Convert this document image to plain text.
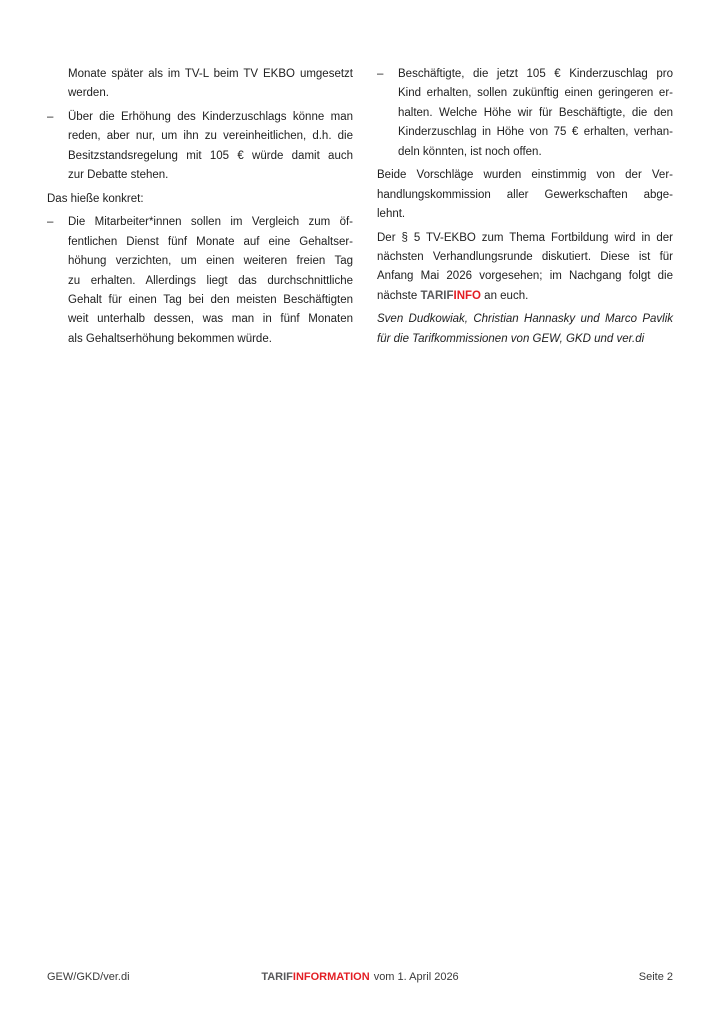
Monate später als im TV-L beim TV EKBO umgesetzt
werden.
– Über die Erhöhung des Kinderzuschlags könne man
reden, aber nur, um ihn zu vereinheitlichen, d.h. die
Besitzstandsregelung mit 105 € würde damit auch
zur Debatte stehen.
Das hieße konkret:
– Die Mitarbeiter*innen sollen im Vergleich zum öf-
fentlichen Dienst fünf Monate auf eine Gehaltser-
höhung verzichten, um einen weiteren freien Tag
zu erhalten. Allerdings liegt das durchschnittliche
Gehalt für einen Tag bei den meisten Beschäftigten
weit unterhalb dessen, was man in fünf Monaten
als Gehaltserhöhung bekommen würde.
– Beschäftigte, die jetzt 105 € Kinderzuschlag pro
Kind erhalten, sollen zukünftig einen geringeren er-
halten. Welche Höhe wir für Beschäftigte, die den
Kinderzuschlag in Höhe von 75 € erhalten, verhan-
deln könnten, ist noch offen.
Beide Vorschläge wurden einstimmig von der Ver-
handlungskommission aller Gewerkschaften abge-
lehnt.
Der § 5 TV-EKBO zum Thema Fortbildung wird in der
nächsten Verhandlungsrunde diskutiert. Diese ist für
Anfang Mai 2026 vorgesehen; im Nachgang folgt die
nächste TARIFINFO an euch.
Sven Dudkowiak, Christian Hannasky und Marco Pavlik
für die Tarifkommissionen von GEW, GKD und ver.di
GEW/GKD/ver.di	TARIFINFORMATION vom 1. April 2026	Seite 2
